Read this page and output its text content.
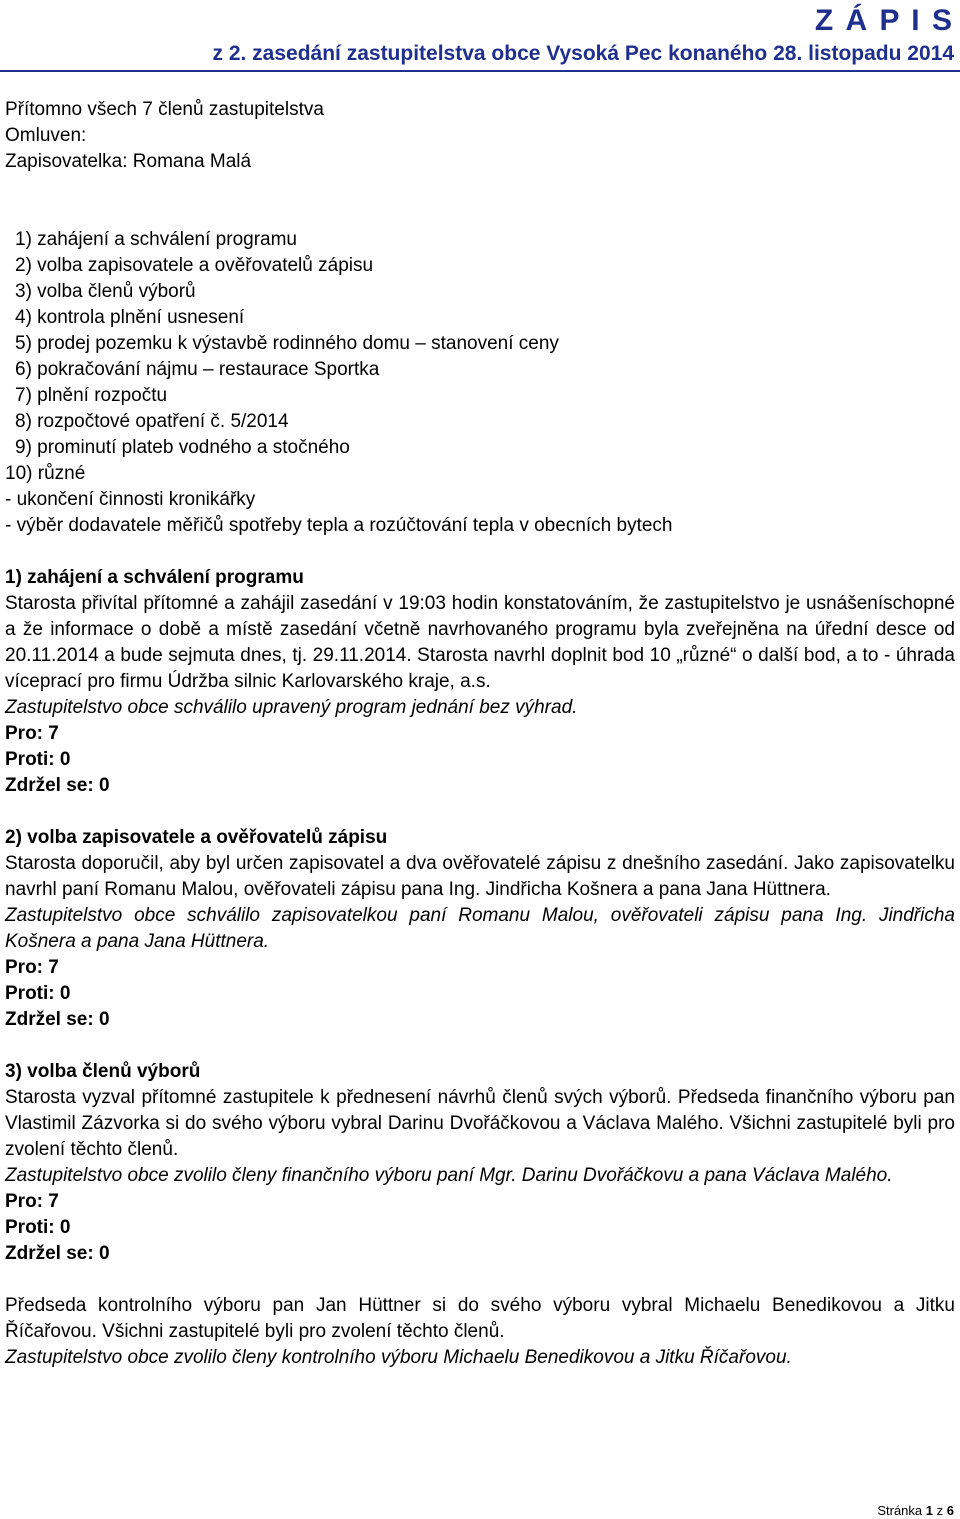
Z Á P I S
z 2. zasedání zastupitelstva obce Vysoká Pec konaného 28. listopadu 2014

Přítomno všech 7 členů zastupitelstva

Omluven:

Zapisovatelka: Romana Malá

1) zahájení a schválení programu
2) volba zapisovatele a ověřovatelů zápisu
3) volba členů výborů
4) kontrola plnění usnesení
5) prodej pozemku k výstavbě rodinného domu – stanovení ceny
6) pokračování nájmu – restaurace Sportka
7) plnění rozpočtu
8) rozpočtové opatření č. 5/2014
9) prominutí plateb vodného a stočného
10) různé
- ukončení činnosti kronikářky
- výběr dodavatele měřičů spotřeby tepla a rozúčtování tepla v obecních bytech

1) zahájení a schválení programu

Starosta přivítal přítomné a zahájil zasedání v 19:03 hodin konstatováním, že zastupitelstvo je usnášeníschopné a že informace o době a místě zasedání včetně navrhovaného programu byla zveřejněna na úřední desce od 20.11.2014 a bude sejmuta dnes, tj. 29.11.2014. Starosta navrhl doplnit bod 10 „různé“ o další bod, a to - úhrada víceprací pro firmu Údržba silnic Karlovarského kraje, a.s.

Zastupitelstvo obce schválilo upravený program jednání bez výhrad.

Pro: 7

Proti: 0

Zdržel se: 0

2) volba zapisovatele a ověřovatelů zápisu

Starosta doporučil, aby byl určen zapisovatel a dva ověřovatelé zápisu z dnešního zasedání. Jako zapisovatelku navrhl paní Romanu Malou, ověřovateli zápisu pana Ing. Jindřicha Košnera a pana Jana Hüttnera.

Zastupitelstvo obce schválilo zapisovatelkou paní Romanu Malou, ověřovateli zápisu pana Ing. Jindřicha Košnera a pana Jana Hüttnera.

Pro: 7

Proti: 0

Zdržel se: 0

3) volba členů výborů

Starosta vyzval přítomné zastupitele k přednesení návrhů členů svých výborů. Předseda finančního výboru pan Vlastimil Zázvorka si do svého výboru vybral Darinu Dvořáčkovou a Václava Malého. Všichni zastupitelé byli pro zvolení těchto členů.

Zastupitelstvo obce zvolilo členy finančního výboru paní Mgr. Darinu Dvořáčkovu a pana Václava Malého.

Pro: 7

Proti: 0

Zdržel se: 0

Předseda kontrolního výboru pan Jan Hüttner si do svého výboru vybral Michaelu Benedikovou a Jitku Říčařovou. Všichni zastupitelé byli pro zvolení těchto členů.

Zastupitelstvo obce zvolilo členy kontrolního výboru Michaelu Benedikovou a Jitku Říčařovou.

Stránka 1 z 6
